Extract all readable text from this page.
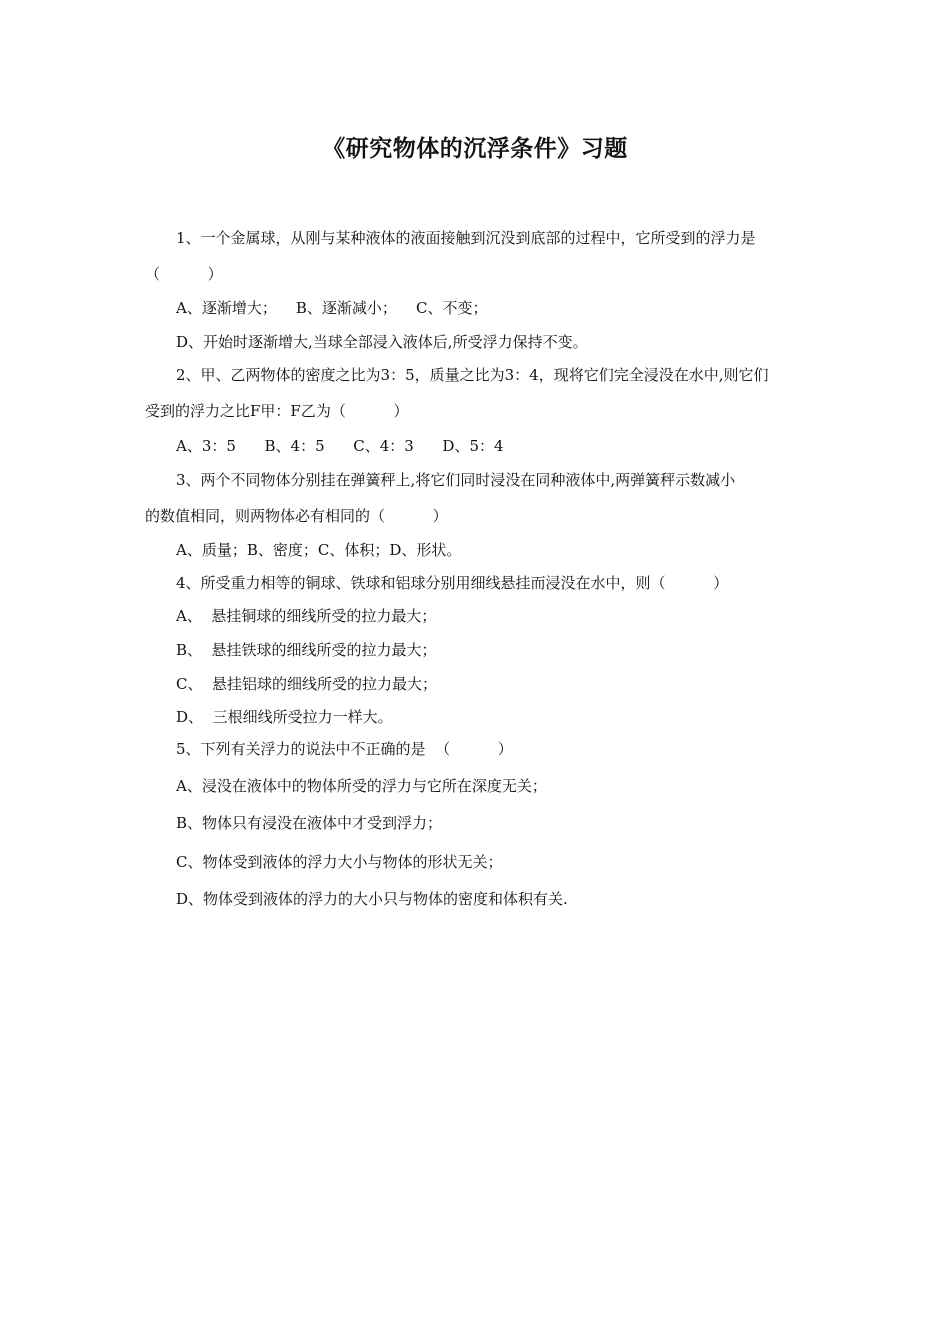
《研究物体的沉浮条件》习题
1、一个金属球，从刚与某种液体的液面接触到沉没到底部的过程中，它所受到的浮力是
（          ）
A、逐渐增大；    B、逐渐减小；    C、不变；
D、开始时逐渐增大,当球全部浸入液体后,所受浮力保持不变。
2、甲、乙两物体的密度之比为3：5，质量之比为3：4，现将它们完全浸没在水中,则它们
受到的浮力之比F甲：F乙为（          ）
A、3：5      B、4：5      C、4：3      D、5：4
3、两个不同物体分别挂在弹簧秤上,将它们同时浸没在同种液体中,两弹簧秤示数减小
的数值相同，则两物体必有相同的（          ）
A、质量；B、密度；C、体积；D、形状。
4、所受重力相等的铜球、铁球和铝球分别用细线悬挂而浸没在水中，则（          ）
A、  悬挂铜球的细线所受的拉力最大；
B、  悬挂铁球的细线所受的拉力最大；
C、  悬挂铝球的细线所受的拉力最大；
D、  三根细线所受拉力一样大。
5、下列有关浮力的说法中不正确的是  （          ）
A、浸没在液体中的物体所受的浮力与它所在深度无关；
B、物体只有浸没在液体中才受到浮力；
C、物体受到液体的浮力大小与物体的形状无关；
D、物体受到液体的浮力的大小只与物体的密度和体积有关.
